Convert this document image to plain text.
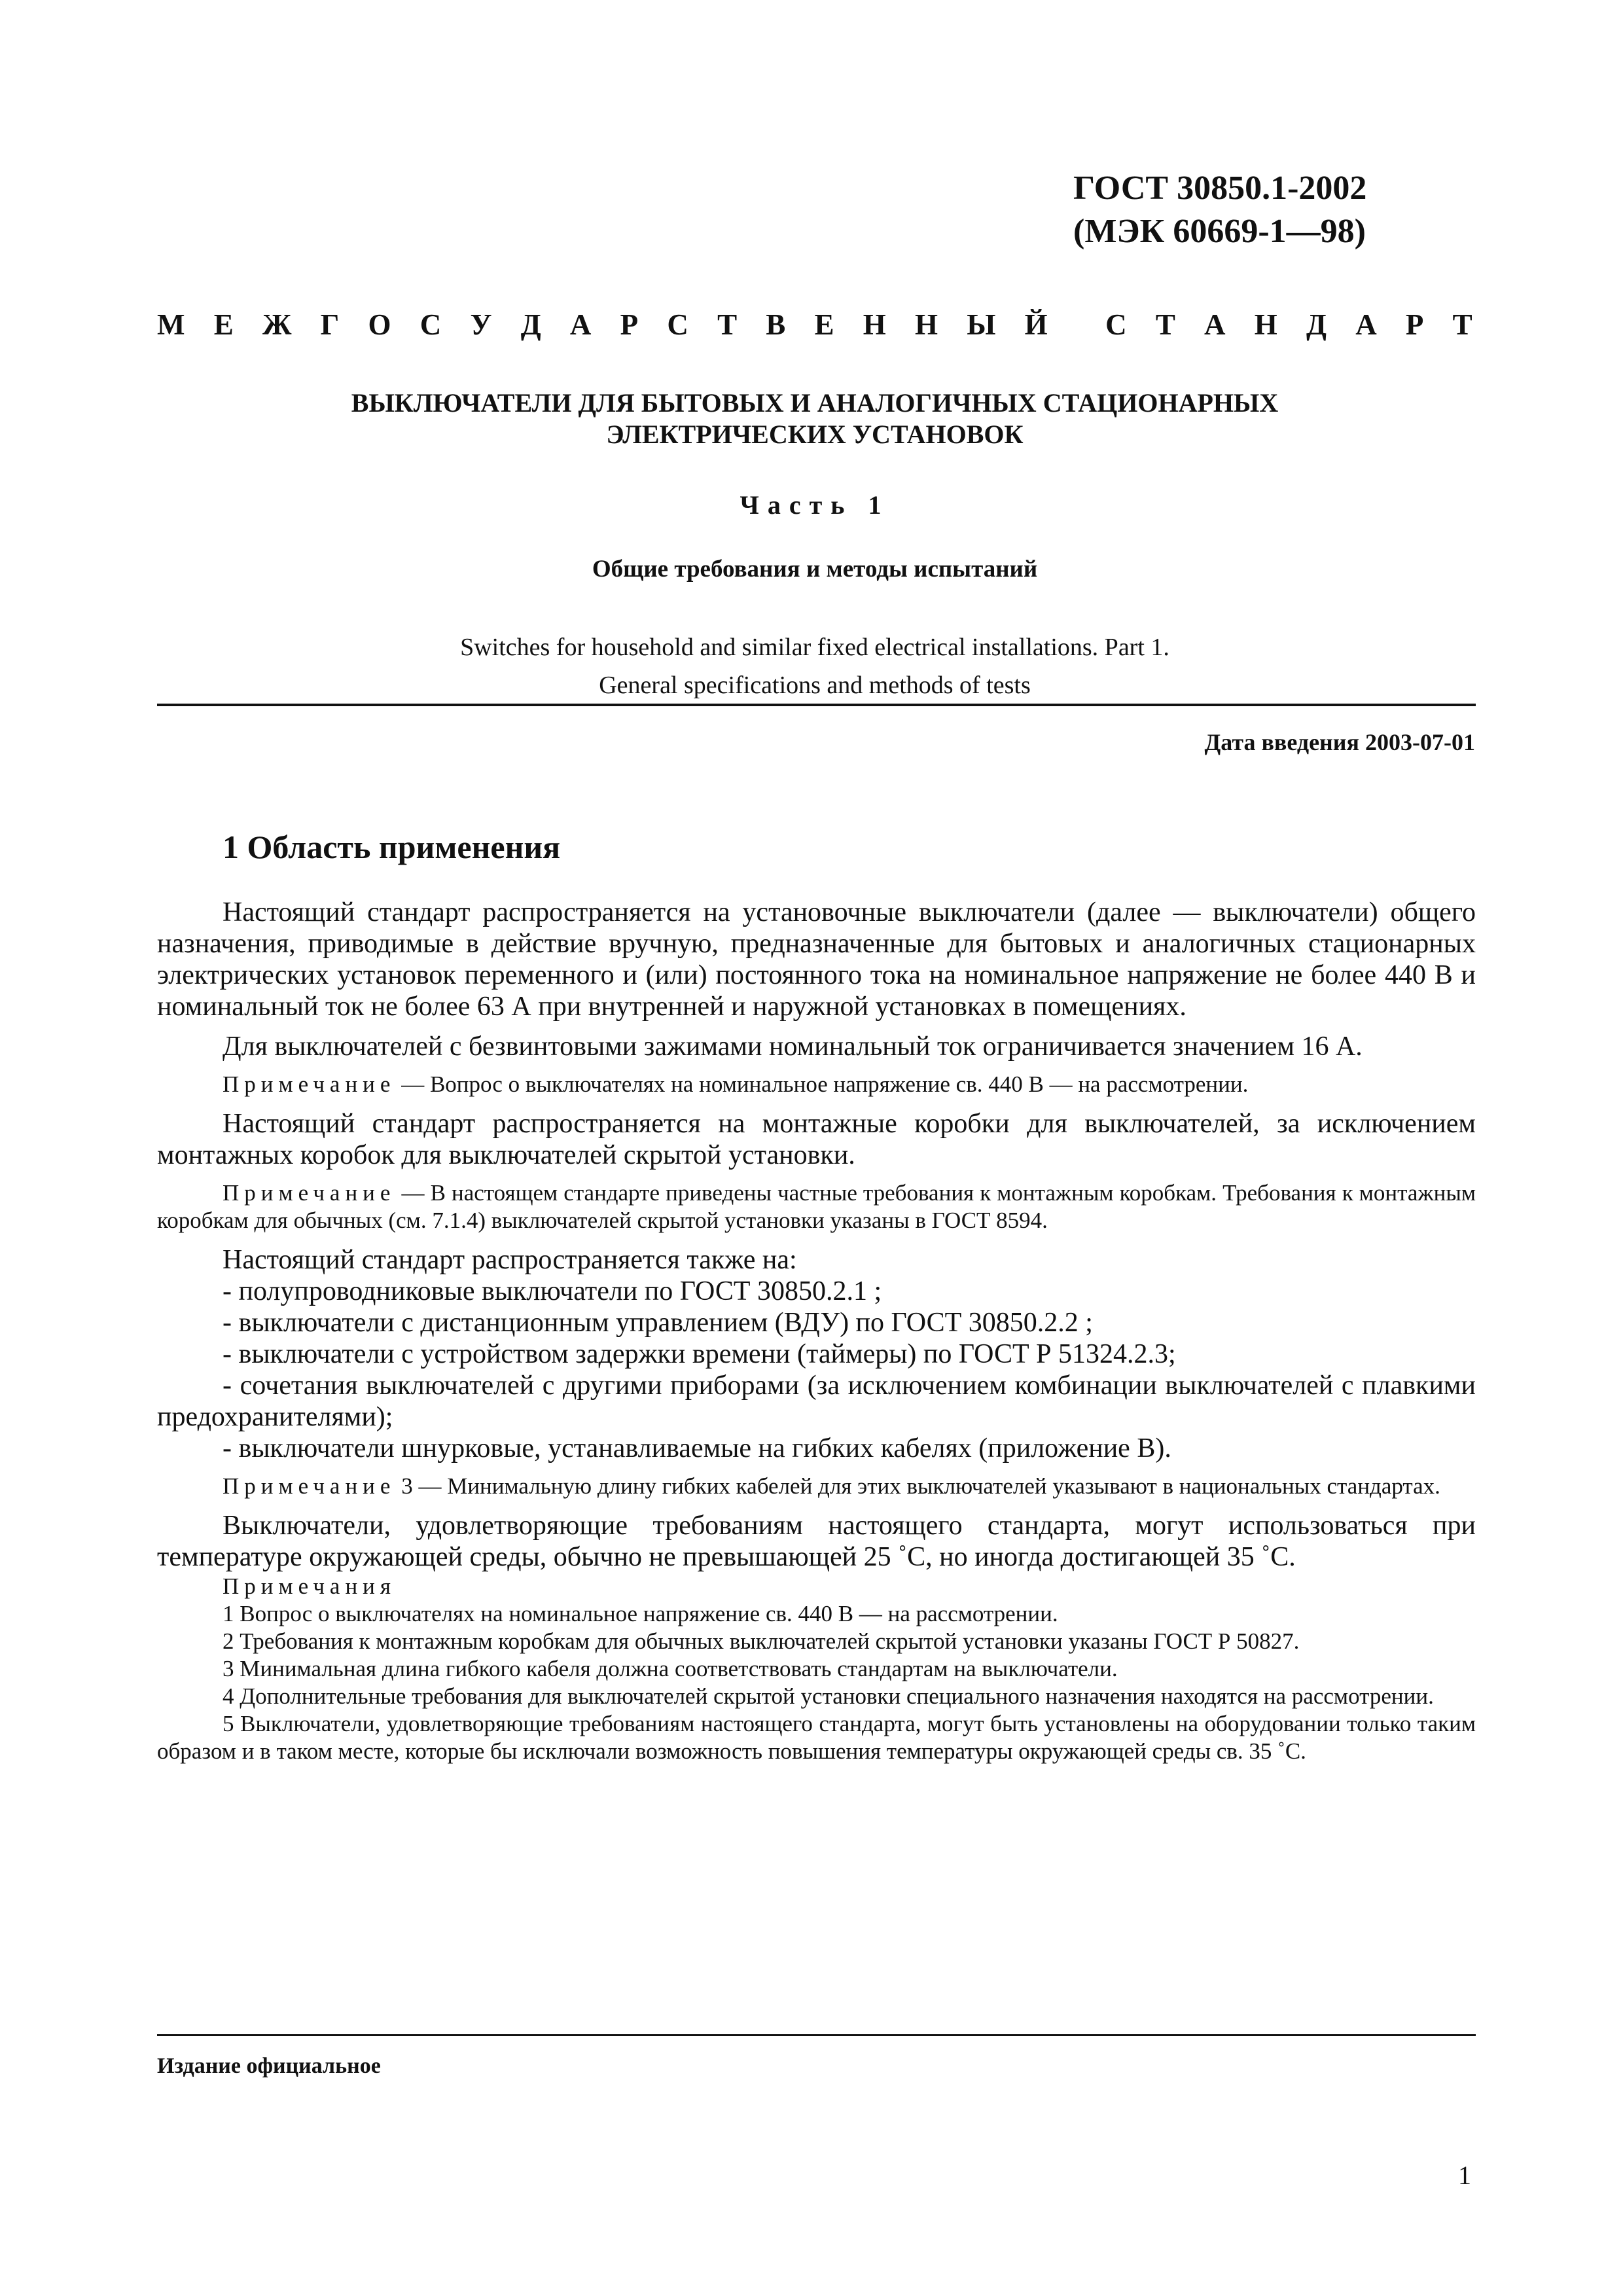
ГОСТ 30850.1-2002
(МЭК 60669-1—98)
М Е Ж Г О С У Д А Р С Т В Е Н Н Ы Й С Т А Н Д А Р Т
ВЫКЛЮЧАТЕЛИ ДЛЯ БЫТОВЫХ И АНАЛОГИЧНЫХ СТАЦИОНАРНЫХ
ЭЛЕКТРИЧЕСКИХ УСТАНОВОК
Часть 1
Общие требования и методы испытаний
Switches for household and similar fixed electrical installations. Part 1.
General specifications and methods of tests
Дата введения 2003-07-01
1 Область применения

Настоящий стандарт распространяется на установочные выключатели (далее — выключатели) общего назначения, приводимые в действие вручную, предназначенные для бытовых и аналогичных стационарных электрических установок переменного и (или) постоянного тока на номинальное напряжение не более 440 В и номинальный ток не более 63 А при внутренней и наружной установках в помещениях.

Для выключателей с безвинтовыми зажимами номинальный ток ограничивается значением 16 А.

Примечание — Вопрос о выключателях на номинальное напряжение св. 440 В — на рассмотрении.

Настоящий стандарт распространяется на монтажные коробки для выключателей, за исключением монтажных коробок для выключателей скрытой установки.

Примечание — В настоящем стандарте приведены частные требования к монтажным коробкам. Требования к монтажным коробкам для обычных (см. 7.1.4) выключателей скрытой установки указаны в ГОСТ 8594.

Настоящий стандарт распространяется также на:

- полупроводниковые выключатели по ГОСТ 30850.2.1 ;

- выключатели с дистанционным управлением (ВДУ) по ГОСТ 30850.2.2 ;

- выключатели с устройством задержки времени (таймеры) по ГОСТ Р 51324.2.3;

- сочетания выключателей с другими приборами (за исключением комбинации выключателей с плавкими предохранителями);

- выключатели шнурковые, устанавливаемые на гибких кабелях (приложение В).

Примечание 3 — Минимальную длину гибких кабелей для этих выключателей указывают в национальных стандартах.

Выключатели, удовлетворяющие требованиям настоящего стандарта, могут использоваться при температуре окружающей среды, обычно не превышающей 25 ˚С, но иногда достигающей 35 ˚С.

Примечания

1 Вопрос о выключателях на номинальное напряжение св. 440 В — на рассмотрении.

2 Требования к монтажным коробкам для обычных выключателей скрытой установки указаны ГОСТ Р 50827.

3 Минимальная длина гибкого кабеля должна соответствовать стандартам на выключатели.

4 Дополнительные требования для выключателей скрытой установки специального назначения находятся на рассмотрении.

5 Выключатели, удовлетворяющие требованиям настоящего стандарта, могут быть установлены на оборудовании только таким образом и в таком месте, которые бы исключали возможность повышения температуры окружающей среды св. 35 ˚С.

Издание официальное
1
